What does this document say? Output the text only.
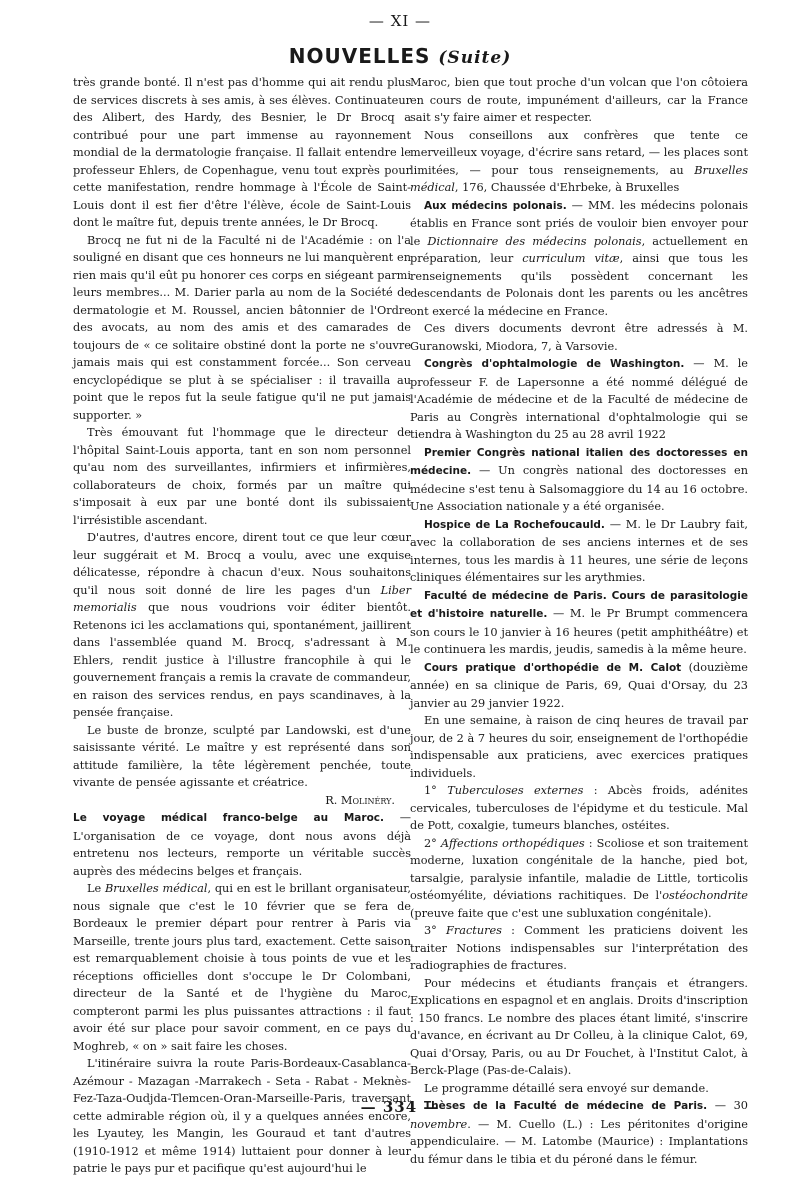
— XI —
NOUVELLES (Suite)

très grande bonté. Il n'est pas d'homme qui ait rendu plus de services discrets à ses amis, à ses élèves. Continuateur des Alibert, des Hardy, des Besnier, le Dr Brocq a contribué pour une part immense au rayonnement mondial de la dermatologie française. Il fallait entendre le professeur Ehlers, de Copenhague, venu tout exprès pour cette manifestation, rendre hommage à l'École de Saint-Louis dont il est fier d'être l'élève, école de Saint-Louis dont le maître fut, depuis trente années, le Dr Brocq.

Brocq ne fut ni de la Faculté ni de l'Académie : on l'a souligné en disant que ces honneurs ne lui manquèrent en rien mais qu'il eût pu honorer ces corps en siégeant parmi leurs membres... M. Darier parla au nom de la Société de dermatologie et M. Roussel, ancien bâtonnier de l'Ordre des avocats, au nom des amis et des camarades de toujours de « ce solitaire obstiné dont la porte ne s'ouvre jamais mais qui est constamment forcée... Son cerveau encyclopédique se plut à se spécialiser : il travailla au point que le repos fut la seule fatigue qu'il ne put jamais supporter. »

Très émouvant fut l'hommage que le directeur de l'hôpital Saint-Louis apporta, tant en son nom personnel qu'au nom des surveillantes, infirmiers et infirmières, collaborateurs de choix, formés par un maître qui s'imposait à eux par une bonté dont ils subissaient l'irrésistible ascendant.

D'autres, d'autres encore, dirent tout ce que leur cœur leur suggérait et M. Brocq a voulu, avec une exquise délicatesse, répondre à chacun d'eux. Nous souhaitons qu'il nous soit donné de lire les pages d'un Liber memorialis que nous voudrions voir éditer bientôt. Retenons ici les acclamations qui, spontanément, jaillirent dans l'assemblée quand M. Brocq, s'adressant à M. Ehlers, rendit justice à l'illustre francophile à qui le gouvernement français a remis la cravate de commandeur, en raison des services rendus, en pays scandinaves, à la pensée française.

Le buste de bronze, sculpté par Landowski, est d'une saisissante vérité. Le maître y est représenté dans son attitude familière, la tête légèrement penchée, toute vivante de pensée agissante et créatrice.

R. Molinéry.

Le voyage médical franco-belge au Maroc. — L'organisation de ce voyage, dont nous avons déjà entretenu nos lecteurs, remporte un véritable succès auprès des médecins belges et français.

Le Bruxelles médical, qui en est le brillant organisateur, nous signale que c'est le 10 février que se fera de Bordeaux le premier départ pour rentrer à Paris via Marseille, trente jours plus tard, exactement. Cette saison est remarquablement choisie à tous points de vue et les réceptions officielles dont s'occupe le Dr Colombani, directeur de la Santé et de l'hygiène du Maroc, compteront parmi les plus puissantes attractions : il faut avoir été sur place pour savoir comment, en ce pays du Moghreb, « on » sait faire les choses.

L'itinéraire suivra la route Paris-Bordeaux-Casablanca-Azémour - Mazagan -Marrakech - Seta - Rabat - Meknès-Fez-Taza-Oudjda-Tlemcen-Oran-Marseille-Paris, traversant cette admirable région où, il y a quelques années encore, les Lyautey, les Mangin, les Gouraud et tant d'autres (1910-1912 et même 1914) luttaient pour donner à leur patrie le pays pur et pacifique qu'est aujourd'hui le

Maroc, bien que tout proche d'un volcan que l'on côtoiera en cours de route, impunément d'ailleurs, car la France sait s'y faire aimer et respecter.

Nous conseillons aux confrères que tente ce merveilleux voyage, d'écrire sans retard, — les places sont limitées, — pour tous renseignements, au Bruxelles médical, 176, Chaussée d'Ehrbeke, à Bruxelles

Aux médecins polonais. — MM. les médecins polonais établis en France sont priés de vouloir bien envoyer pour le Dictionnaire des médecins polonais, actuellement en préparation, leur curriculum vitæ, ainsi que tous les renseignements qu'ils possèdent concernant les descendants de Polonais dont les parents ou les ancêtres ont exercé la médecine en France.

Ces divers documents devront être adressés à M. Guranowski, Miodora, 7, à Varsovie.

Congrès d'ophtalmologie de Washington. — M. le professeur F. de Lapersonne a été nommé délégué de l'Académie de médecine et de la Faculté de médecine de Paris au Congrès international d'ophtalmologie qui se tiendra à Washington du 25 au 28 avril 1922

Premier Congrès national italien des doctoresses en médecine. — Un congrès national des doctoresses en médecine s'est tenu à Salsomaggiore du 14 au 16 octobre. Une Association nationale y a été organisée.

Hospice de La Rochefoucauld. — M. le Dr Laubry fait, avec la collaboration de ses anciens internes et de ses internes, tous les mardis à 11 heures, une série de leçons cliniques élémentaires sur les arythmies.

Faculté de médecine de Paris. Cours de parasitologie et d'histoire naturelle. — M. le Pr Brumpt commencera son cours le 10 janvier à 16 heures (petit amphithéâtre) et le continuera les mardis, jeudis, samedis à la même heure.

Cours pratique d'orthopédie de M. Calot (douzième année) en sa clinique de Paris, 69, Quai d'Orsay, du 23 janvier au 29 janvier 1922.

En une semaine, à raison de cinq heures de travail par jour, de 2 à 7 heures du soir, enseignement de l'orthopédie indispensable aux praticiens, avec exercices pratiques individuels.

1° Tuberculoses externes : Abcès froids, adénites cervicales, tuberculoses de l'épidyme et du testicule. Mal de Pott, coxalgie, tumeurs blanches, ostéites.

2° Affections orthopédiques : Scoliose et son traitement moderne, luxation congénitale de la hanche, pied bot, tarsalgie, paralysie infantile, maladie de Little, torticolis ostéomyélite, déviations rachitiques. De l'ostéochondrite (preuve faite que c'est une subluxation congénitale).

3° Fractures : Comment les praticiens doivent les traiter Notions indispensables sur l'interprétation des radiographies de fractures.

Pour médecins et étudiants français et étrangers. Explications en espagnol et en anglais. Droits d'inscription : 150 francs. Le nombre des places étant limité, s'inscrire d'avance, en écrivant au Dr Colleu, à la clinique Calot, 69, Quai d'Orsay, Paris, ou au Dr Fouchet, à l'Institut Calot, à Berck-Plage (Pas-de-Calais).

Le programme détaillé sera envoyé sur demande.

Thèses de la Faculté de médecine de Paris. — 30 novembre. — M. Cuello (L.) : Les péritonites d'origine appendiculaire. — M. Latombe (Maurice) : Implantations du fémur dans le tibia et du péroné dans le fémur.

— 334 —
